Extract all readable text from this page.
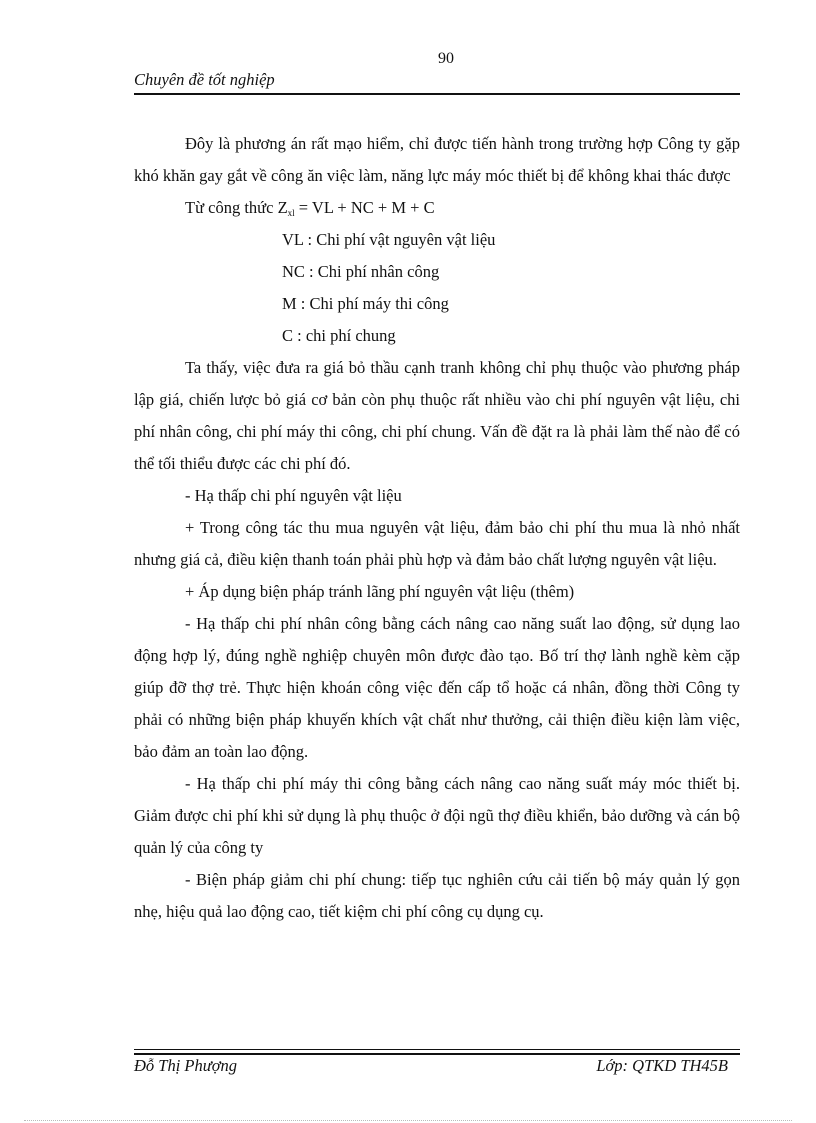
90
Chuyên đề tốt nghiệp

Đôy là phương án rất mạo hiểm, chỉ được tiến hành trong trường hợp Công ty gặp khó khăn gay gắt về công ăn việc làm, năng lực máy móc thiết bị để không khai thác được

Từ công thức $Z_{xl}$ = VL + NC + M + C

VL : Chi phí vật nguyên vật liệu

NC : Chi phí nhân công

M : Chi phí máy thi công

C : chi phí chung

Ta thấy, việc đưa ra giá bỏ thầu cạnh tranh không chỉ phụ thuộc vào phương pháp lập giá, chiến lược bỏ giá cơ bản còn phụ thuộc rất nhiều vào chi phí nguyên vật liệu, chi phí nhân công, chi phí máy thi công, chi phí chung. Vấn đề đặt ra là phải làm thế nào để có thể tối thiểu được các chi phí đó.

- Hạ thấp chi phí nguyên vật liệu

+ Trong công tác thu mua nguyên vật liệu, đảm bảo chi phí thu mua là nhỏ nhất nhưng giá cả, điều kiện thanh toán phải phù hợp và đảm bảo chất lượng nguyên vật liệu.

+ Áp dụng biện pháp tránh lãng phí nguyên vật liệu (thêm)

- Hạ thấp chi phí nhân công bằng cách nâng cao năng suất lao động, sử dụng lao động hợp lý, đúng nghề nghiệp chuyên môn được đào tạo. Bố trí thợ lành nghề kèm cặp giúp đỡ thợ trẻ. Thực hiện khoán công việc đến cấp tổ hoặc cá nhân, đồng thời Công ty phải có những biện pháp khuyến khích vật chất như thưởng, cải thiện điều kiện làm việc, bảo đảm an toàn lao động.

- Hạ thấp chi phí máy thi công bằng cách nâng cao năng suất máy móc thiết bị. Giảm được chi phí khi sử dụng là phụ thuộc ở đội ngũ thợ điều khiển, bảo dưỡng và cán bộ quản lý của công ty

- Biện pháp giảm chi phí chung: tiếp tục nghiên cứu cải tiến bộ máy quản lý gọn nhẹ, hiệu quả lao động cao, tiết kiệm chi phí công cụ dụng cụ.

Đỗ Thị Phượng	Lớp: QTKD TH45B
